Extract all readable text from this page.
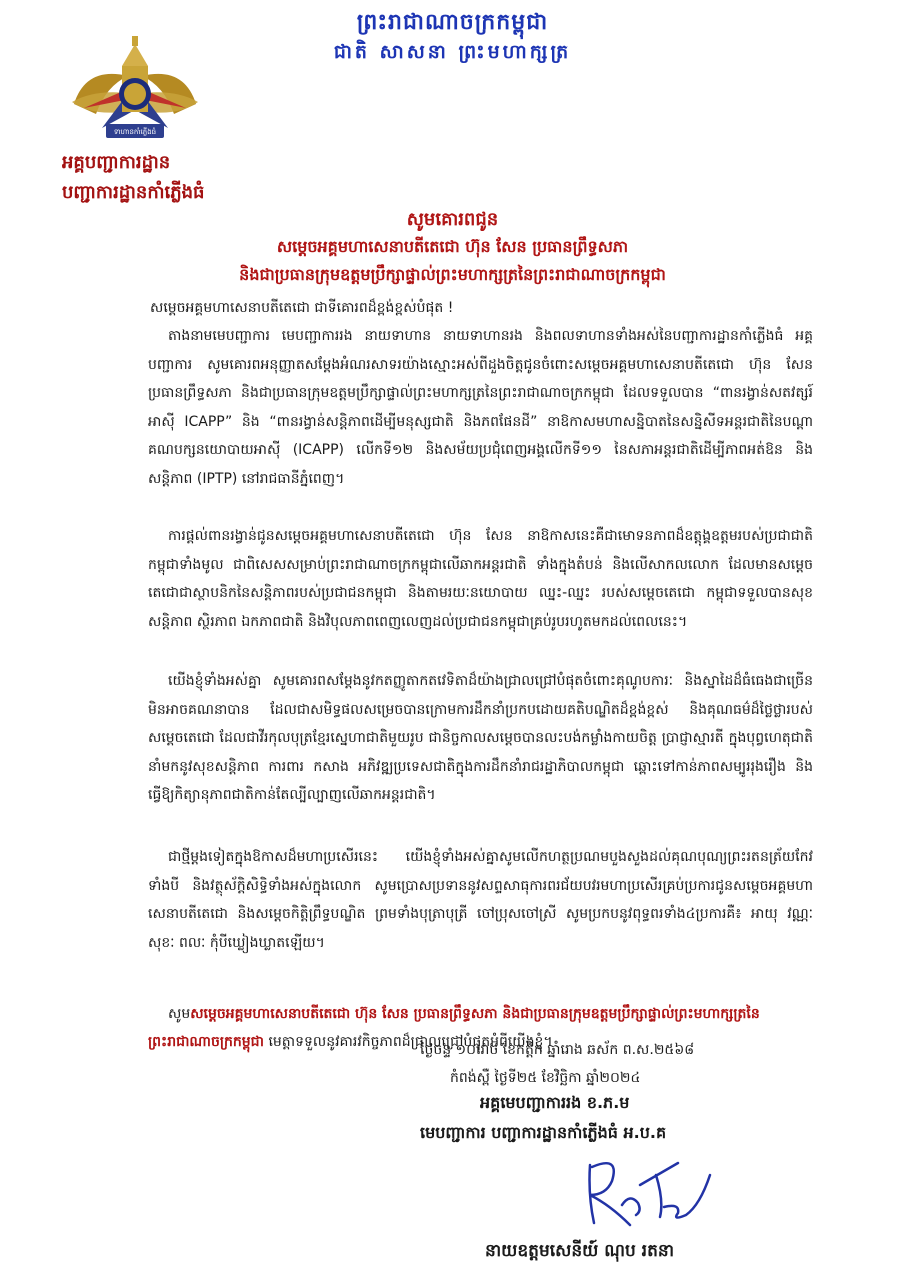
ព្រះរាជាណាចក្រកម្ពុជា
ជាតិ សាសនា ព្រះមហាក្សត្រ
ទាហានកាំភ្លើងធំ
អគ្គបញ្ជាការដ្ឋាន
បញ្ជាការដ្ឋានកាំភ្លើងធំ
សូមគោរពជូន
សម្ដេចអគ្គមហាសេនាបតីតេជោ ហ៊ុន សែន ប្រធានព្រឹទ្ធសភា
និងជាប្រធានក្រុមឧត្តមប្រឹក្សាផ្ទាល់ព្រះមហាក្សត្រនៃព្រះរាជាណាចក្រកម្ពុជា
សម្ដេចអគ្គមហាសេនាបតីតេជោ ជាទីគោរពដ៏ខ្ពង់ខ្ពស់បំផុត !
តាងនាមមេបញ្ជាការ មេបញ្ជាការរង នាយទាហាន នាយទាហានរង និងពលទាហានទាំងអស់នៃបញ្ជាការដ្ឋានកាំភ្លើងធំ អគ្គបញ្ជាការ សូមគោរពអនុញ្ញាតសម្ដែងអំណរសាទរយ៉ាងស្មោះអស់ពីដួងចិត្តជូនចំពោះសម្ដេចអគ្គមហាសេនាបតីតេជោ ហ៊ុន សែន ប្រធានព្រឹទ្ធសភា និងជាប្រធានក្រុមឧត្តមប្រឹក្សាផ្ទាល់ព្រះមហាក្សត្រនៃព្រះរាជាណាចក្រកម្ពុជា ដែលទទួលបាន “ពានរង្វាន់សតវត្សរ៍អាស៊ី ICAPP” និង “ពានរង្វាន់សន្តិភាពដើម្បីមនុស្សជាតិ និងភពផែនដី” នាឱកាសមហាសន្និបាតនៃសន្និសីទអន្តរជាតិនៃបណ្ដាគណបក្សនយោបាយអាស៊ី (ICAPP) លើកទី១២ និងសម័យប្រជុំពេញអង្គលើកទី១១ នៃសភាអន្តរជាតិដើម្បីភាពអត់ឱន និងសន្តិភាព (IPTP) នៅរាជធានីភ្នំពេញ។
ការផ្ដល់ពានរង្វាន់ជូនសម្ដេចអគ្គមហាសេនាបតីតេជោ ហ៊ុន សែន នាឱកាសនេះគឺជាមោទនភាពដ៏ឧត្តុង្គឧត្តមរបស់ប្រជាជាតិកម្ពុជាទាំងមូល ជាពិសេសសម្រាប់ព្រះរាជាណាចក្រកម្ពុជាលើឆាកអន្តរជាតិ ទាំងក្នុងតំបន់ និងលើសាកលលោក ដែលមានសម្ដេចតេជោជាស្ថាបនិកនៃសន្តិភាពរបស់ប្រជាជនកម្ពុជា និងតាមរយៈនយោបាយ ឈ្នះ-ឈ្នះ របស់សម្ដេចតេជោ កម្ពុជាទទួលបានសុខសន្តិភាព ស្ថិរភាព ឯកភាពជាតិ និងវិបុលភាពពេញលេញដល់ប្រជាជនកម្ពុជាគ្រប់រូបរហូតមកដល់ពេលនេះ។
យើងខ្ញុំទាំងអស់គ្នា សូមគោរពសម្ដែងនូវកតញ្ញូតាកតវេទិតាដ៏យ៉ាងជ្រាលជ្រៅបំផុតចំពោះគុណូបការៈ និងស្នាដៃដ៏ធំធេងជាច្រើនមិនអាចគណនាបាន ដែលជាសមិទ្ធផលសម្រេចបានក្រោមការដឹកនាំប្រកបដោយគតិបណ្ឌិតដ៏ខ្ពង់ខ្ពស់ និងគុណធម៌ដ៏ថ្លៃថ្លារបស់សម្ដេចតេជោ ដែលជាវីរកុលបុត្រខ្មែរស្នេហាជាតិមួយរូប ជានិច្ចកាលសម្ដេចបានលះបង់កម្លាំងកាយចិត្ត ប្រាជ្ញាស្មារតី ក្នុងបុព្វហេតុជាតិ នាំមកនូវសុខសន្តិភាព ការពារ កសាង អភិវឌ្ឍប្រទេសជាតិក្នុងការដឹកនាំរាជរដ្ឋាភិបាលកម្ពុជា ឆ្ពោះទៅកាន់ភាពសម្បូររុងរឿង និងធ្វើឱ្យកិត្យានុភាពជាតិកាន់តែល្បីល្បាញលើឆាកអន្តរជាតិ។
ជាថ្មីម្ដងទៀតក្នុងឱកាសដ៏មហាប្រសើរនេះ យើងខ្ញុំទាំងអស់គ្នាសូមលើកហត្ថប្រណមបួងសួងដល់គុណបុណ្យព្រះរតនត្រ័យកែវទាំងបី និងវត្ថុស័ក្តិសិទ្ធិទាំងអស់ក្នុងលោក សូមប្រោសប្រទាននូវសព្ទសាធុការពរជ័យបវរមហាប្រសើរគ្រប់ប្រការជូនសម្ដេចអគ្គមហាសេនាបតីតេជោ និងសម្ដេចកិត្តិព្រឹទ្ធបណ្ឌិត ព្រមទាំងបុត្រាបុត្រី ចៅប្រុសចៅស្រី សូមប្រកបនូវពុទ្ធពរទាំង៤ប្រការគឺ៖ អាយុ វណ្ណៈ សុខៈ ពលៈ កុំបីឃ្លៀងឃ្លាតឡើយ។
សូមសម្ដេចអគ្គមហាសេនាបតីតេជោ ហ៊ុន សែន ប្រធានព្រឹទ្ធសភា និងជាប្រធានក្រុមឧត្តមប្រឹក្សាផ្ទាល់ព្រះមហាក្សត្រនៃព្រះរាជាណាចក្រកម្ពុជា មេត្តាទទួលនូវគារវកិច្ចភាពដ៏ជ្រាលជ្រៅបំផុតអំពីយើងខ្ញុំ។
ថ្ងៃចន្ទ ១០រោច ខែកត្តិក ឆ្នាំរោង ឆស័ក ព.ស.២៥៦៨
កំពង់ស្ពឺ ថ្ងៃទី២៥ ខែវិច្ឆិកា ឆ្នាំ២០២៤
អគ្គមេបញ្ជាការរង ខ.ភ.ម
មេបញ្ជាការ បញ្ជាការដ្ឋានកាំភ្លើងធំ អ.ប.គ
នាយឧត្តមសេនីយ៍ ណុប រតនា
